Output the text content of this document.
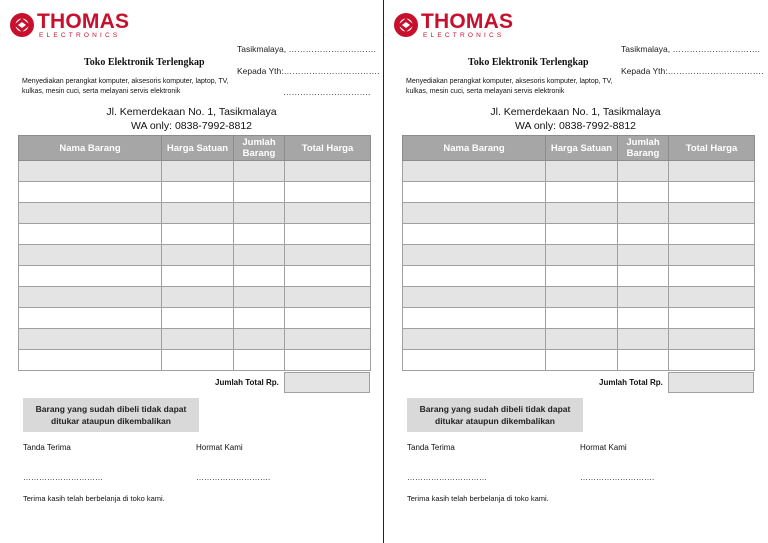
THOMAS
ELECTRONICS
Tasikmalaya, ………………………….
Toko Elektronik Terlengkap
Kepada Yth:…………………………….
Menyediakan perangkat komputer, aksesoris komputer, laptop, TV, kulkas, mesin cuci, serta melayani servis elektronik	………………………….
Jl. Kemerdekaan No. 1, Tasikmalaya
WA only: 0838-7992-8812
Nama Barang	Harga Satuan	Jumlah Barang	Total Harga

Jumlah Total Rp.
Barang yang sudah dibeli tidak dapat ditukar ataupun dikembalikan
Tanda Terima	Hormat Kami
…………………………	……………………….
Terima kasih telah berbelanja di toko kami.
THOMAS
ELECTRONICS
Tasikmalaya, ………………………….
Toko Elektronik Terlengkap
Kepada Yth:…………………………….
Menyediakan perangkat komputer, aksesoris komputer, laptop, TV, kulkas, mesin cuci, serta melayani servis elektronik
Jl. Kemerdekaan No. 1, Tasikmalaya
WA only: 0838-7992-8812
Nama Barang	Harga Satuan	Jumlah Barang	Total Harga

Jumlah Total Rp.
Barang yang sudah dibeli tidak dapat ditukar ataupun dikembalikan
Tanda Terima	Hormat Kami
…………………………	……………………….
Terima kasih telah berbelanja di toko kami.
